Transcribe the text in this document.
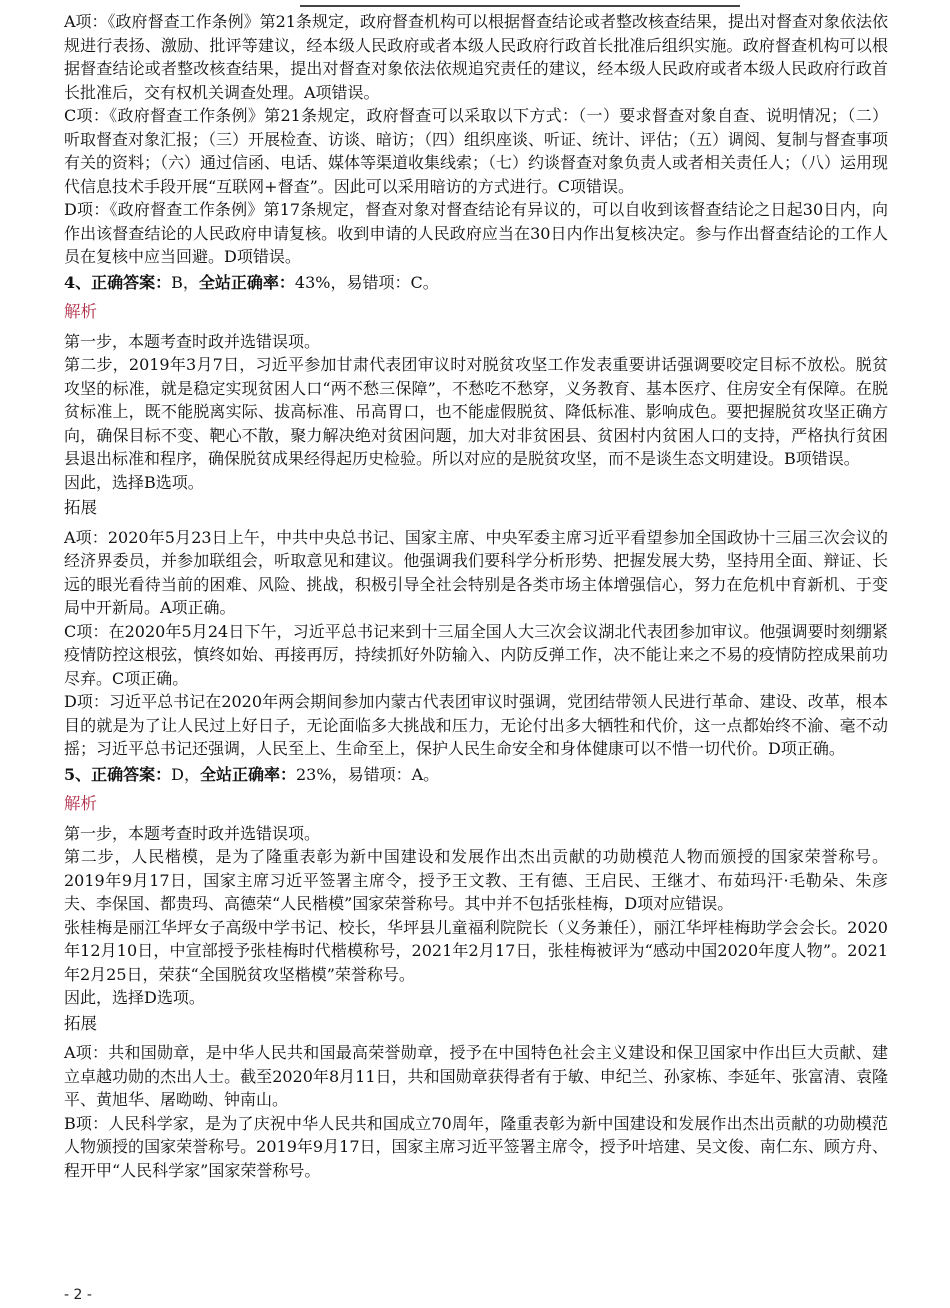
A项：《政府督查工作条例》第21条规定，政府督查机构可以根据督查结论或者整改核查结果，提出对督查对象依法依规进行表扬、激励、批评等建议，经本级人民政府或者本级人民政府行政首长批准后组织实施。政府督查机构可以根据督查结论或者整改核查结果，提出对督查对象依法依规追究责任的建议，经本级人民政府或者本级人民政府行政首长批准后，交有权机关调查处理。A项错误。

C项：《政府督查工作条例》第21条规定，政府督查可以采取以下方式：（一）要求督查对象自查、说明情况；（二）听取督查对象汇报；（三）开展检查、访谈、暗访；（四）组织座谈、听证、统计、评估；（五）调阅、复制与督查事项有关的资料；（六）通过信函、电话、媒体等渠道收集线索；（七）约谈督查对象负责人或者相关责任人；（八）运用现代信息技术手段开展“互联网+督查”。因此可以采用暗访的方式进行。C项错误。

D项：《政府督查工作条例》第17条规定，督查对象对督查结论有异议的，可以自收到该督查结论之日起30日内，向作出该督查结论的人民政府申请复核。收到申请的人民政府应当在30日内作出复核决定。参与作出督查结论的工作人员在复核中应当回避。D项错误。

4、正确答案：B，全站正确率：43%，易错项：C。

解析

第一步，本题考查时政并选错误项。

第二步，2019年3月7日，习近平参加甘肃代表团审议时对脱贫攻坚工作发表重要讲话强调要咬定目标不放松。脱贫攻坚的标准，就是稳定实现贫困人口“两不愁三保障”，不愁吃不愁穿，义务教育、基本医疗、住房安全有保障。在脱贫标准上，既不能脱离实际、拔高标准、吊高胃口，也不能虚假脱贫、降低标准、影响成色。要把握脱贫攻坚正确方向，确保目标不变、靶心不散，聚力解决绝对贫困问题，加大对非贫困县、贫困村内贫困人口的支持，严格执行贫困县退出标准和程序，确保脱贫成果经得起历史检验。所以对应的是脱贫攻坚，而不是谈生态文明建设。B项错误。

因此，选择B选项。

拓展

A项：2020年5月23日上午，中共中央总书记、国家主席、中央军委主席习近平看望参加全国政协十三届三次会议的经济界委员，并参加联组会，听取意见和建议。他强调我们要科学分析形势、把握发展大势，坚持用全面、辩证、长远的眼光看待当前的困难、风险、挑战，积极引导全社会特别是各类市场主体增强信心，努力在危机中育新机、于变局中开新局。A项正确。

C项：在2020年5月24日下午，习近平总书记来到十三届全国人大三次会议湖北代表团参加审议。他强调要时刻绷紧疫情防控这根弦，慎终如始、再接再厉，持续抓好外防输入、内防反弹工作，决不能让来之不易的疫情防控成果前功尽弃。C项正确。

D项：习近平总书记在2020年两会期间参加内蒙古代表团审议时强调，党团结带领人民进行革命、建设、改革，根本目的就是为了让人民过上好日子，无论面临多大挑战和压力，无论付出多大牺牲和代价，这一点都始终不渝、毫不动摇；习近平总书记还强调，人民至上、生命至上，保护人民生命安全和身体健康可以不惜一切代价。D项正确。

5、正确答案：D，全站正确率：23%，易错项：A。

解析

第一步，本题考查时政并选错误项。

第二步，人民楷模，是为了隆重表彰为新中国建设和发展作出杰出贡献的功勋模范人物而颁授的国家荣誉称号。2019年9月17日，国家主席习近平签署主席令，授予王文教、王有德、王启民、王继才、布茹玛汗·毛勒朵、朱彦夫、李保国、都贵玛、高德荣“人民楷模”国家荣誉称号。其中并不包括张桂梅，D项对应错误。

张桂梅是丽江华坪女子高级中学书记、校长，华坪县儿童福利院院长（义务兼任），丽江华坪桂梅助学会会长。2020年12月10日，中宣部授予张桂梅时代楷模称号，2021年2月17日，张桂梅被评为“感动中国2020年度人物”。2021年2月25日，荣获“全国脱贫攻坚楷模”荣誉称号。

因此，选择D选项。

拓展

A项：共和国勋章，是中华人民共和国最高荣誉勋章，授予在中国特色社会主义建设和保卫国家中作出巨大贡献、建立卓越功勋的杰出人士。截至2020年8月11日，共和国勋章获得者有于敏、申纪兰、孙家栋、李延年、张富清、袁隆平、黄旭华、屠呦呦、钟南山。

B项：人民科学家，是为了庆祝中华人民共和国成立70周年，隆重表彰为新中国建设和发展作出杰出贡献的功勋模范人物颁授的国家荣誉称号。2019年9月17日，国家主席习近平签署主席令，授予叶培建、吴文俊、南仁东、顾方舟、程开甲“人民科学家”国家荣誉称号。

- 2 -
